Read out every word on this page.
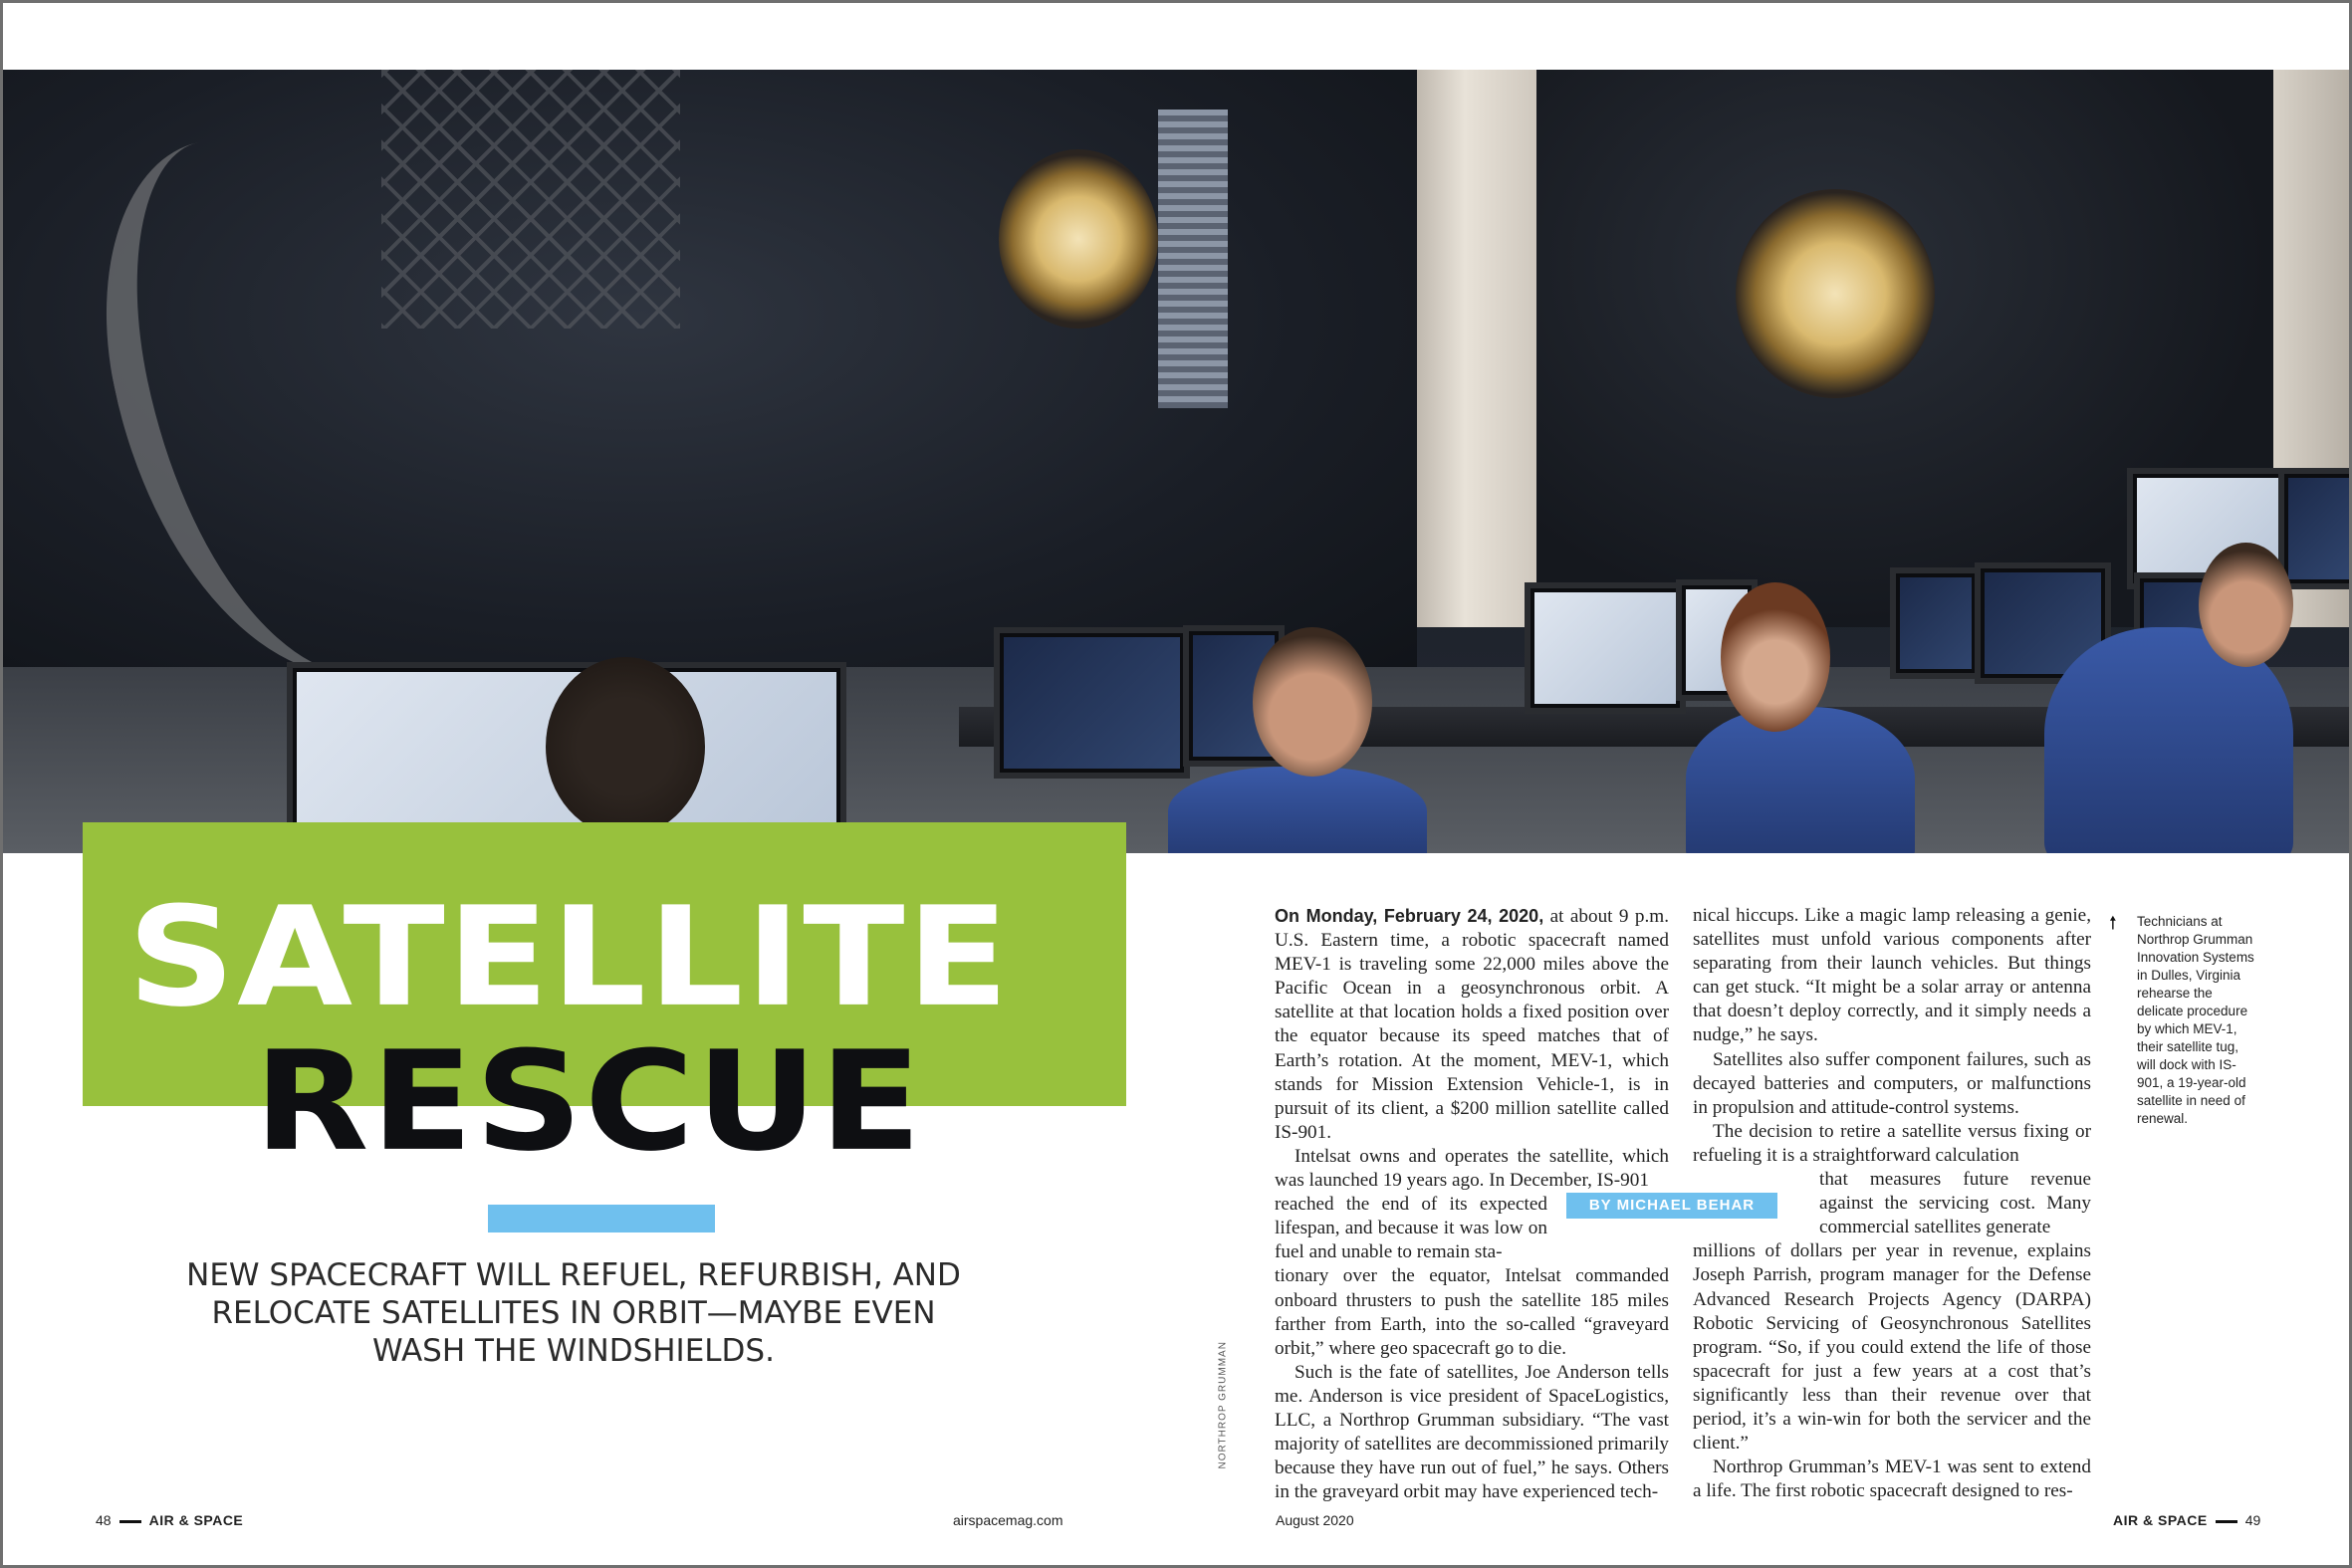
SATELLITE
RESCUE

NEW SPACECRAFT WILL REFUEL, REFURBISH, AND RELOCATE SATELLITES IN ORBIT—MAYBE EVEN WASH THE WINDSHIELDS.	NORTHROP GRUMMAN

On Monday, February 24, 2020, at about 9 p.m. U.S. Eastern time, a robotic spacecraft named MEV-1 is traveling some 22,000 miles above the Pacific Ocean in a geosynchronous orbit. A satellite at that location holds a fixed position over the equator because its speed matches that of Earth’s rotation. At the moment, MEV-1, which stands for Mission Extension Vehicle-1, is in pursuit of its client, a $200 million satellite called IS-901.

Intelsat owns and operates the satellite, which was launched 19 years ago. In December, IS-901

reached the end of its expected lifespan, and because it was low on fuel and unable to remain sta-

tionary over the equator, Intelsat commanded onboard thrusters to push the satellite 185 miles farther from Earth, into the so-called “graveyard orbit,” where geo spacecraft go to die.

Such is the fate of satellites, Joe Anderson tells me. Anderson is vice president of SpaceLogistics, LLC, a Northrop Grumman subsidiary. “The vast majority of satellites are decommissioned primarily because they have run out of fuel,” he says. Others in the graveyard orbit may have experienced tech-

BY MICHAEL BEHAR

nical hiccups. Like a magic lamp releasing a genie, satellites must unfold various components after separating from their launch vehicles. But things can get stuck. “It might be a solar array or antenna that doesn’t deploy correctly, and it simply needs a nudge,” he says.

Satellites also suffer component failures, such as decayed batteries and computers, or malfunctions in propulsion and attitude-control systems.

The decision to retire a satellite versus fixing or refueling it is a straightforward calculation

that measures future revenue against the servicing cost. Many commercial satellites generate

millions of dollars per year in revenue, explains Joseph Parrish, program manager for the Defense Advanced Research Projects Agency (DARPA) Robotic Servicing of Geosynchronous Satellites program. “So, if you could extend the life of those spacecraft for just a few years at a cost that’s significantly less than their revenue over that period, it’s a win-win for both the servicer and the client.”

Northrop Grumman’s MEV-1 was sent to extend a life. The first robotic spacecraft designed to res-

🠕 Technicians at Northrop Grumman Innovation Systems in Dulles, Virginia rehearse the delicate procedure by which MEV-1, their satellite tug, will dock with IS-901, a 19-year-old satellite in need of renewal.
48	AIR & SPACE	airspacemag.com	August 2020	AIR & SPACE	49
